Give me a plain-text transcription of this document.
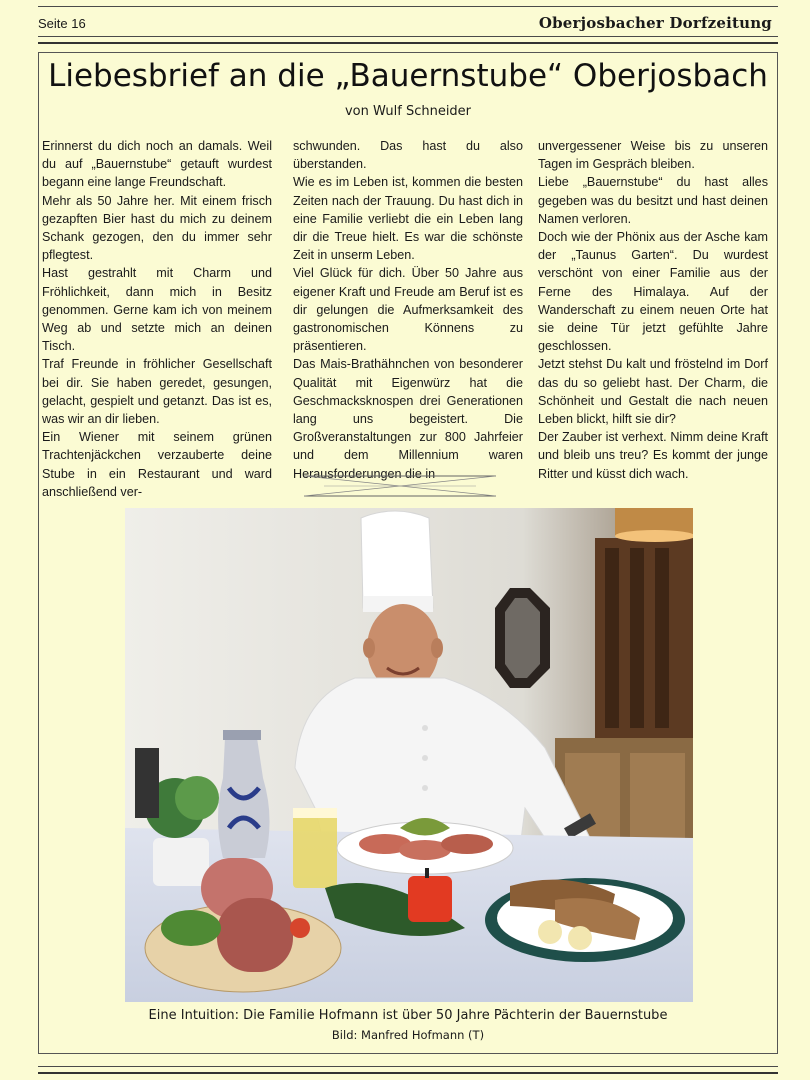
Seite 16	Oberjosbacher Dorfzeitung
Liebesbrief an die „Bauernstube“ Oberjosbach
von Wulf Schneider

Erinnerst du dich noch an damals. Weil du auf „Bauernstube“ getauft wurdest begann eine lange Freundschaft.

Mehr als 50 Jahre her. Mit einem frisch gezapften Bier hast du mich zu deinem Schank gezogen, den du immer sehr pflegtest.

Hast gestrahlt mit Charm und Fröhlichkeit, dann mich in Besitz genommen. Gerne kam ich von meinem Weg ab und setzte mich an deinen Tisch.

Traf Freunde in fröhlicher Gesellschaft bei dir. Sie haben geredet, gesungen, gelacht, gespielt und getanzt. Das ist es, was wir an dir lieben.

Ein Wiener mit seinem grünen Trachtenjäckchen verzauberte deine Stube in ein Restaurant und ward anschließend ver-

schwunden. Das hast du also überstanden.

Wie es im Leben ist, kommen die besten Zeiten nach der Trauung. Du hast dich in eine Familie verliebt die ein Leben lang dir die Treue hielt. Es war die schönste Zeit in unserm Leben.

Viel Glück für dich. Über 50 Jahre aus eigener Kraft und Freude am Beruf ist es dir gelungen die Aufmerksamkeit des gastronomischen Könnens zu präsentieren.

Das Mais-Brathähnchen von besonderer Qualität mit Eigenwürz hat die Geschmacksknospen drei Generationen lang uns begeistert. Die Großveranstaltungen zur 800 Jahrfeier und dem Millennium waren Herausforderungen die in

unvergessener Weise bis zu unseren Tagen im Gespräch bleiben.

Liebe „Bauernstube“ du hast alles gegeben was du besitzt und hast deinen Namen verloren.

Doch wie der Phönix aus der Asche kam der „Taunus Garten“. Du wurdest verschönt von einer Familie aus der Ferne des Himalaya. Auf der Wanderschaft zu einem neuen Orte hat sie deine Tür jetzt gefühlte Jahre geschlossen.

Jetzt stehst Du kalt und fröstelnd im Dorf das du so geliebt hast. Der Charm, die Schönheit und Gestalt die nach neuen Leben blickt, hilft sie dir?

Der Zauber ist verhext. Nimm deine Kraft und bleib uns treu? Es kommt der junge Ritter und küsst dich wach.

Eine Intuition: Die Familie Hofmann ist über 50 Jahre Pächterin der Bauernstube
Bild: Manfred Hofmann (T)
